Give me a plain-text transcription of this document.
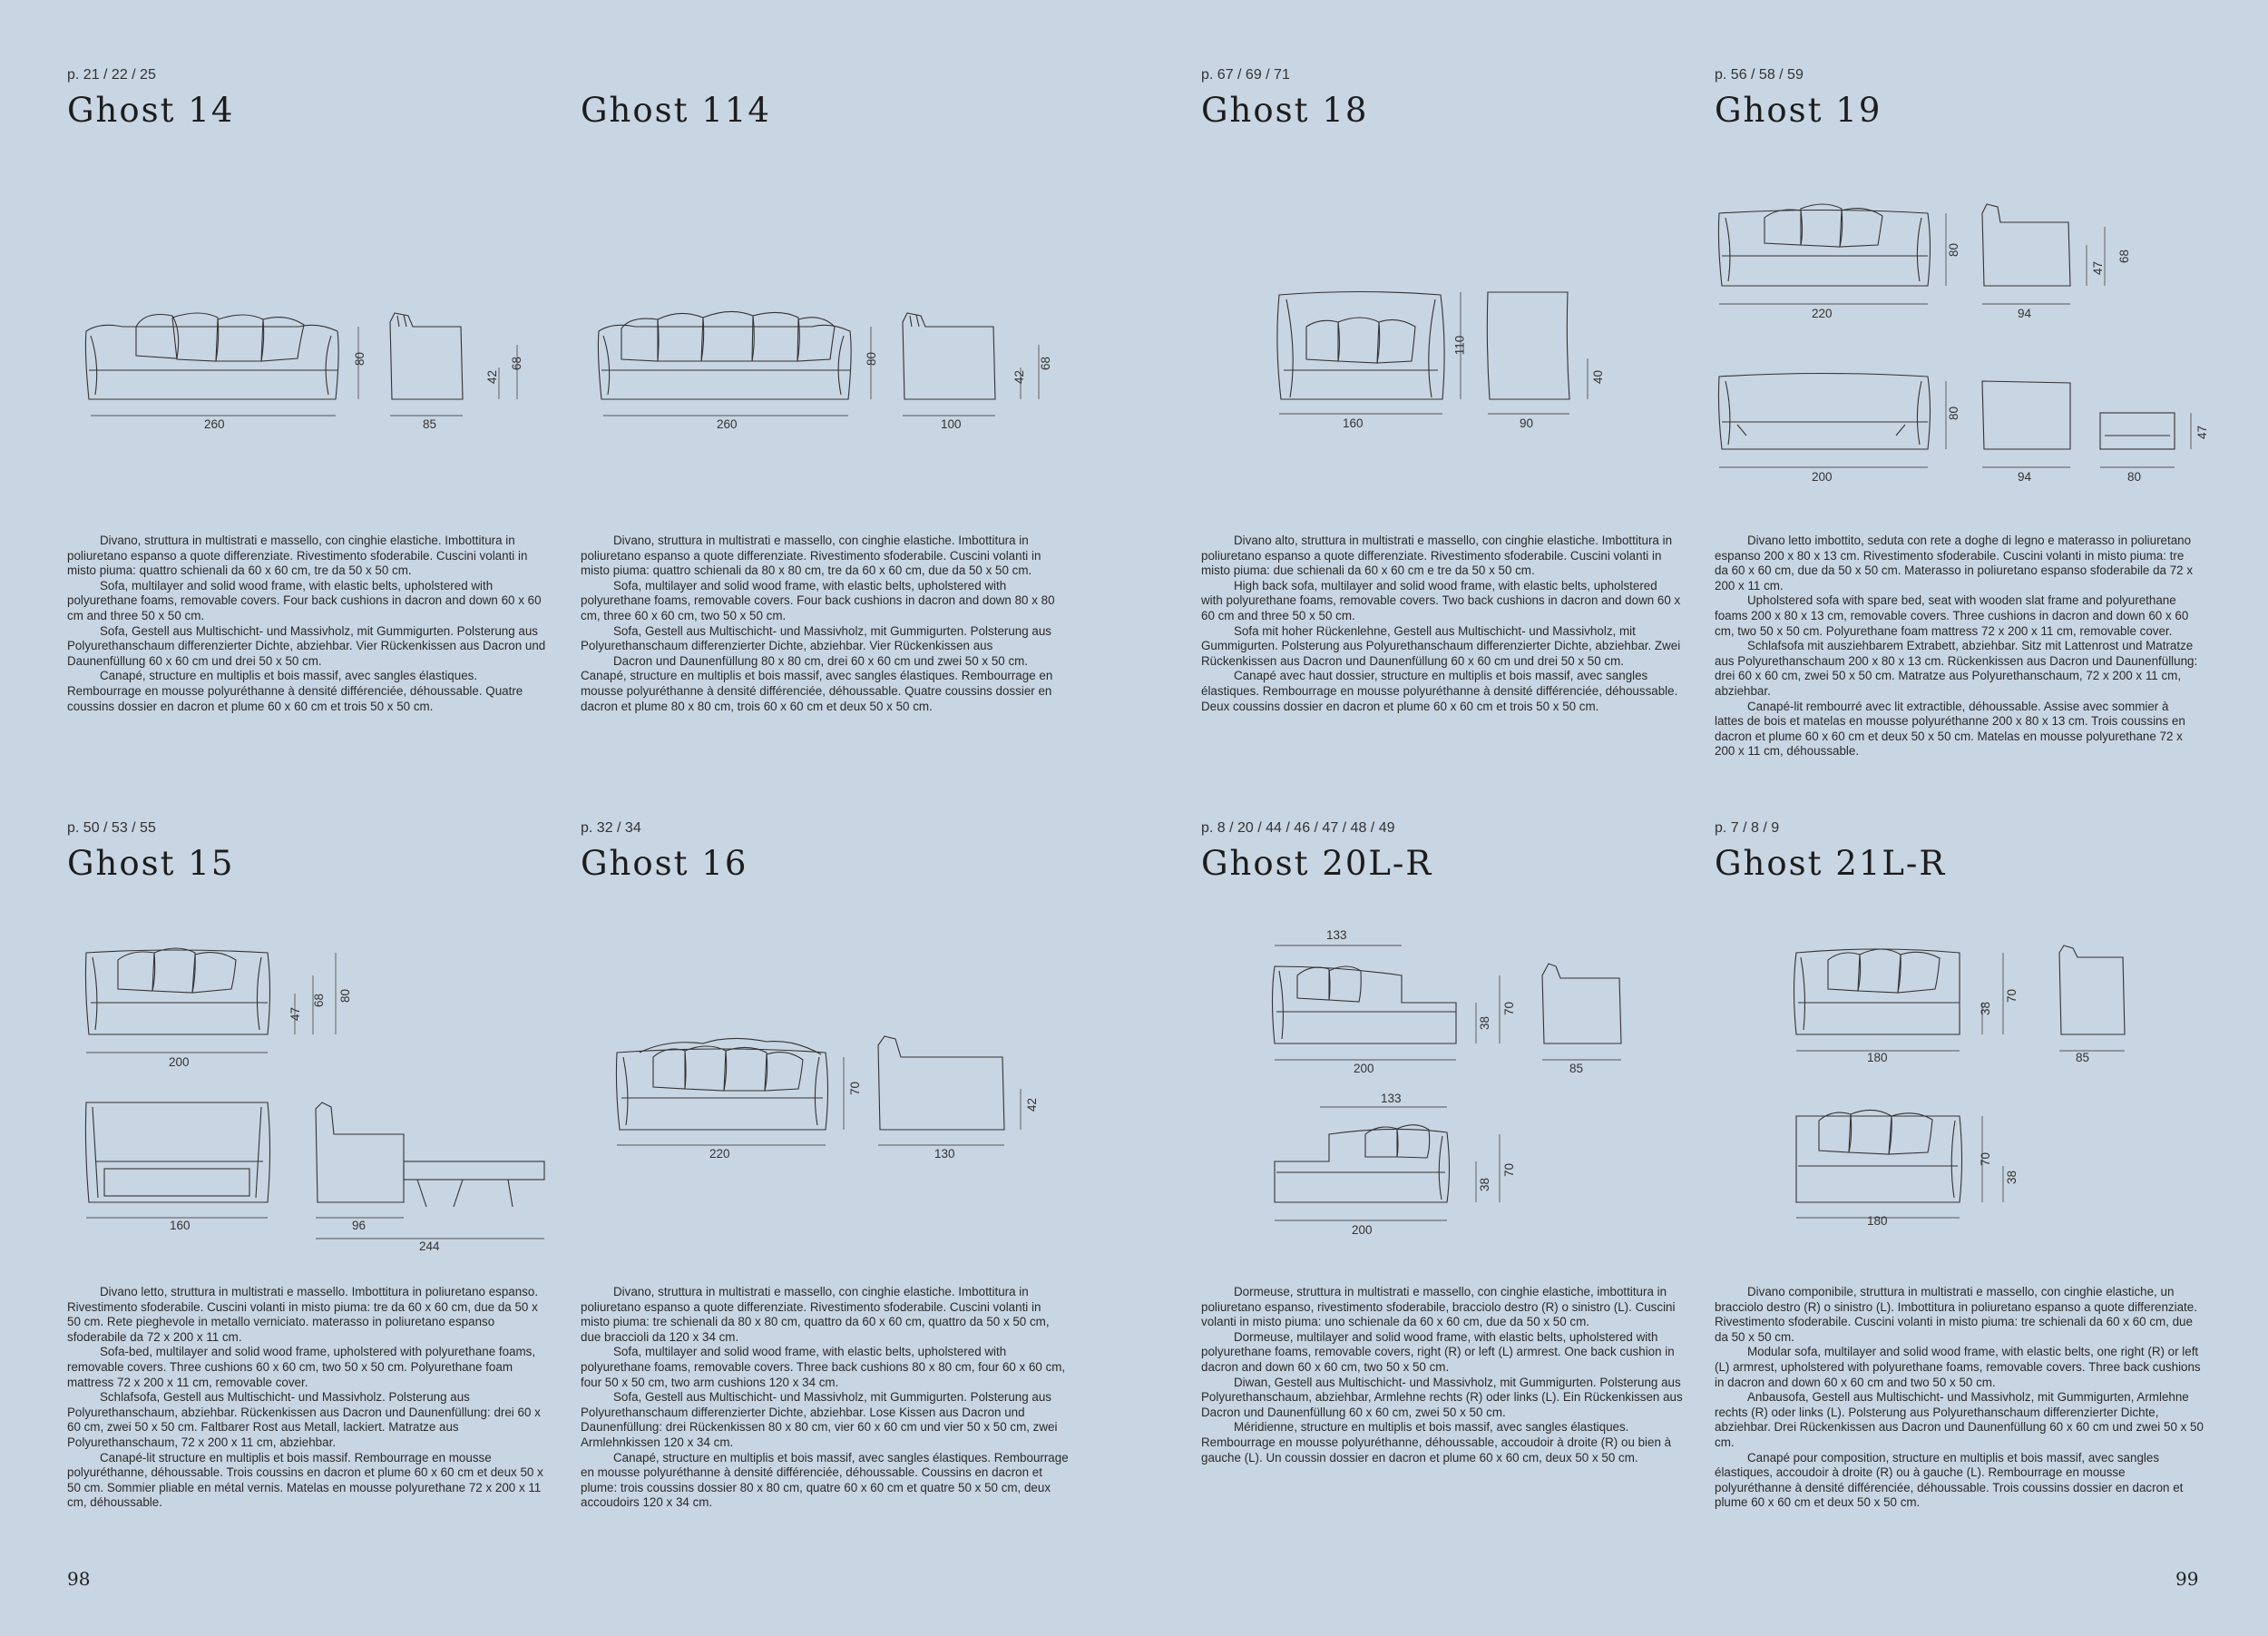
p. 21 / 22 / 25
Ghost 14
260	85
80
42
68

Divano, struttura in multistrati e massello, con cinghie elastiche. Imbottitura in poliuretano espanso a quote differenziate. Rivestimento sfoderabile. Cuscini volanti in misto piuma: quattro schienali da 60 x 60 cm, tre da 50 x 50 cm.

Sofa, multilayer and solid wood frame, with elastic belts, upholstered with polyurethane foams, removable covers. Four back cushions in dacron and down 60 x 60 cm and three 50 x 50 cm.

Sofa, Gestell aus Multischicht- und Massivholz, mit Gummigurten. Polsterung aus Polyurethanschaum differenzierter Dichte, abziehbar. Vier Rückenkissen aus Dacron und Daunenfüllung 60 x 60 cm und drei 50 x 50 cm.

Canapé, structure en multiplis et bois massif, avec sangles élastiques. Rembourrage en mousse polyuréthanne à densité différenciée, déhoussable. Quatre coussins dossier en dacron et plume 60 x 60 cm et trois 50 x 50 cm.

Ghost 114
260	100
80
42
68

Divano, struttura in multistrati e massello, con cinghie elastiche. Imbottitura in poliuretano espanso a quote differenziate. Rivestimento sfoderabile. Cuscini volanti in misto piuma: quattro schienali da 80 x 80 cm, tre da 60 x 60 cm, due da 50 x 50 cm.

Sofa, multilayer and solid wood frame, with elastic belts, upholstered with polyurethane foams, removable covers. Four back cushions in dacron and down 80 x 80 cm, three 60 x 60 cm, two 50 x 50 cm.

Sofa, Gestell aus Multischicht- und Massivholz, mit Gummigurten. Polsterung aus Polyurethanschaum differenzierter Dichte, abziehbar. Vier Rückenkissen aus

Dacron und Daunenfüllung 80 x 80 cm, drei 60 x 60 cm und zwei 50 x 50 cm. Canapé, structure en multiplis et bois massif, avec sangles élastiques. Rembourrage en mousse polyuréthanne à densité différenciée, déhoussable. Quatre coussins dossier en dacron et plume 80 x 80 cm, trois 60 x 60 cm et deux 50 x 50 cm.

p. 67 / 69 / 71
Ghost 18
160	90
110
40

Divano alto, struttura in multistrati e massello, con cinghie elastiche. Imbottitura in poliuretano espanso a quote differenziate. Rivestimento sfoderabile. Cuscini volanti in misto piuma: due schienali da 60 x 60 cm e tre da 50 x 50 cm.

High back sofa, multilayer and solid wood frame, with elastic belts, upholstered with polyurethane foams, removable covers. Two back cushions in dacron and down 60 x 60 cm and three 50 x 50 cm.

Sofa mit hoher Rückenlehne, Gestell aus Multischicht- und Massivholz, mit Gummigurten. Polsterung aus Polyurethanschaum differenzierter Dichte, abziehbar. Zwei Rückenkissen aus Dacron und Daunenfüllung 60 x 60 cm und drei 50 x 50 cm.

Canapé avec haut dossier, structure en multiplis et bois massif, avec sangles élastiques. Rembourrage en mousse polyuréthanne à densité différenciée, déhoussable. Deux coussins dossier en dacron et plume 60 x 60 cm et trois 50 x 50 cm.

p. 56 / 58 / 59
Ghost 19
220	94
80
47
68
200	94
80
80
47

Divano letto imbottito, seduta con rete a doghe di legno e materasso in poliuretano espanso 200 x 80 x 13 cm. Rivestimento sfoderabile. Cuscini volanti in misto piuma: tre da 60 x 60 cm, due da 50 x 50 cm. Materasso in poliuretano espanso sfoderabile da 72 x 200 x 11 cm.

Upholstered sofa with spare bed, seat with wooden slat frame and polyurethane foams 200 x 80 x 13 cm, removable covers. Three cushions in dacron and down 60 x 60 cm, two 50 x 50 cm. Polyurethane foam mattress 72 x 200 x 11 cm, removable cover.

Schlafsofa mit ausziehbarem Extrabett, abziehbar. Sitz mit Lattenrost und Matratze aus Polyurethanschaum 200 x 80 x 13 cm. Rückenkissen aus Dacron und Daunenfüllung: drei 60 x 60 cm, zwei 50 x 50 cm. Matratze aus Polyurethanschaum, 72 x 200 x 11 cm, abziehbar.

Canapé-lit rembourré avec lit extractible, déhoussable. Assise avec sommier à lattes de bois et matelas en mousse polyuréthanne 200 x 80 x 13 cm. Trois coussins en dacron et plume 60 x 60 cm et deux 50 x 50 cm. Matelas en mousse polyurethane 72 x 200 x 11 cm, déhoussable.

p. 50 / 53 / 55
Ghost 15
200
47
68 80
160	96
244

Divano letto, struttura in multistrati e massello. Imbottitura in poliuretano espanso. Rivestimento sfoderabile. Cuscini volanti in misto piuma: tre da 60 x 60 cm, due da 50 x 50 cm. Rete pieghevole in metallo verniciato. materasso in poliuretano espanso sfoderabile da 72 x 200 x 11 cm.

Sofa-bed, multilayer and solid wood frame, upholstered with polyurethane foams, removable covers. Three cushions 60 x 60 cm, two 50 x 50 cm. Polyurethane foam mattress 72 x 200 x 11 cm, removable cover.

Schlafsofa, Gestell aus Multischicht- und Massivholz. Polsterung aus Polyurethanschaum, abziehbar. Rückenkissen aus Dacron und Daunenfüllung: drei 60 x 60 cm, zwei 50 x 50 cm. Faltbarer Rost aus Metall, lackiert. Matratze aus Polyurethanschaum, 72 x 200 x 11 cm, abziehbar.

Canapé-lit structure en multiplis et bois massif. Rembourrage en mousse polyuréthanne, déhoussable. Trois coussins en dacron et plume 60 x 60 cm et deux 50 x 50 cm. Sommier pliable en métal vernis. Matelas en mousse polyurethane 72 x 200 x 11 cm, déhoussable.

p. 32 / 34
Ghost 16
220	130
70
42

Divano, struttura in multistrati e massello, con cinghie elastiche. Imbottitura in poliuretano espanso a quote differenziate. Rivestimento sfoderabile. Cuscini volanti in misto piuma: tre schienali da 80 x 80 cm, quattro da 60 x 60 cm, quattro da 50 x 50 cm, due braccioli da 120 x 34 cm.

Sofa, multilayer and solid wood frame, with elastic belts, upholstered with polyurethane foams, removable covers. Three back cushions 80 x 80 cm, four 60 x 60 cm, four 50 x 50 cm, two arm cushions 120 x 34 cm.

Sofa, Gestell aus Multischicht- und Massivholz, mit Gummigurten. Polsterung aus Polyurethanschaum differenzierter Dichte, abziehbar. Lose Kissen aus Dacron und Daunenfüllung: drei Rückenkissen 80 x 80 cm, vier 60 x 60 cm und vier 50 x 50 cm, zwei Armlehnkissen 120 x 34 cm.

Canapé, structure en multiplis et bois massif, avec sangles élastiques. Rembourrage en mousse polyuréthanne à densité différenciée, déhoussable. Coussins en dacron et plume: trois coussins dossier 80 x 80 cm, quatre 60 x 60 cm et quatre 50 x 50 cm, deux accoudoirs 120 x 34 cm.

p. 8 / 20 / 44 / 46 / 47 / 48 / 49
Ghost 20L-R
133
200	85
38
70
133
200
38
70

Dormeuse, struttura in multistrati e massello, con cinghie elastiche, imbottitura in poliuretano espanso, rivestimento sfoderabile, bracciolo destro (R) o sinistro (L). Cuscini volanti in misto piuma: uno schienale da 60 x 60 cm, due da 50 x 50 cm.

Dormeuse, multilayer and solid wood frame, with elastic belts, upholstered with polyurethane foams, removable covers, right (R) or left (L) armrest. One back cushion in dacron and down 60 x 60 cm, two 50 x 50 cm.

Diwan, Gestell aus Multischicht- und Massivholz, mit Gummigurten. Polsterung aus Polyurethanschaum, abziehbar, Armlehne rechts (R) oder links (L). Ein Rückenkissen aus Dacron und Daunenfüllung 60 x 60 cm, zwei 50 x 50 cm.

Méridienne, structure en multiplis et bois massif, avec sangles élastiques. Rembourrage en mousse polyuréthanne, déhoussable, accoudoir à droite (R) ou bien à gauche (L). Un coussin dossier en dacron et plume 60 x 60 cm, deux 50 x 50 cm.

p. 7 / 8 / 9
Ghost 21L-R
180	85
38
70
180
70
38

Divano componibile, struttura in multistrati e massello, con cinghie elastiche, un bracciolo destro (R) o sinistro (L). Imbottitura in poliuretano espanso a quote differenziate. Rivestimento sfoderabile. Cuscini volanti in misto piuma: tre schienali da 60 x 60 cm, due da 50 x 50 cm.

Modular sofa, multilayer and solid wood frame, with elastic belts, one right (R) or left (L) armrest, upholstered with polyurethane foams, removable covers. Three back cushions in dacron and down 60 x 60 cm and two 50 x 50 cm.

Anbausofa, Gestell aus Multischicht- und Massivholz, mit Gummigurten, Armlehne rechts (R) oder links (L). Polsterung aus Polyurethanschaum differenzierter Dichte, abziehbar. Drei Rückenkissen aus Dacron und Daunenfüllung 60 x 60 cm und zwei 50 x 50 cm.

Canapé pour composition, structure en multiplis et bois massif, avec sangles élastiques, accoudoir à droite (R) ou à gauche (L). Rembourrage en mousse polyuréthanne à densité différenciée, déhoussable. Trois coussins dossier en dacron et plume 60 x 60 cm et deux 50 x 50 cm.

98	99
